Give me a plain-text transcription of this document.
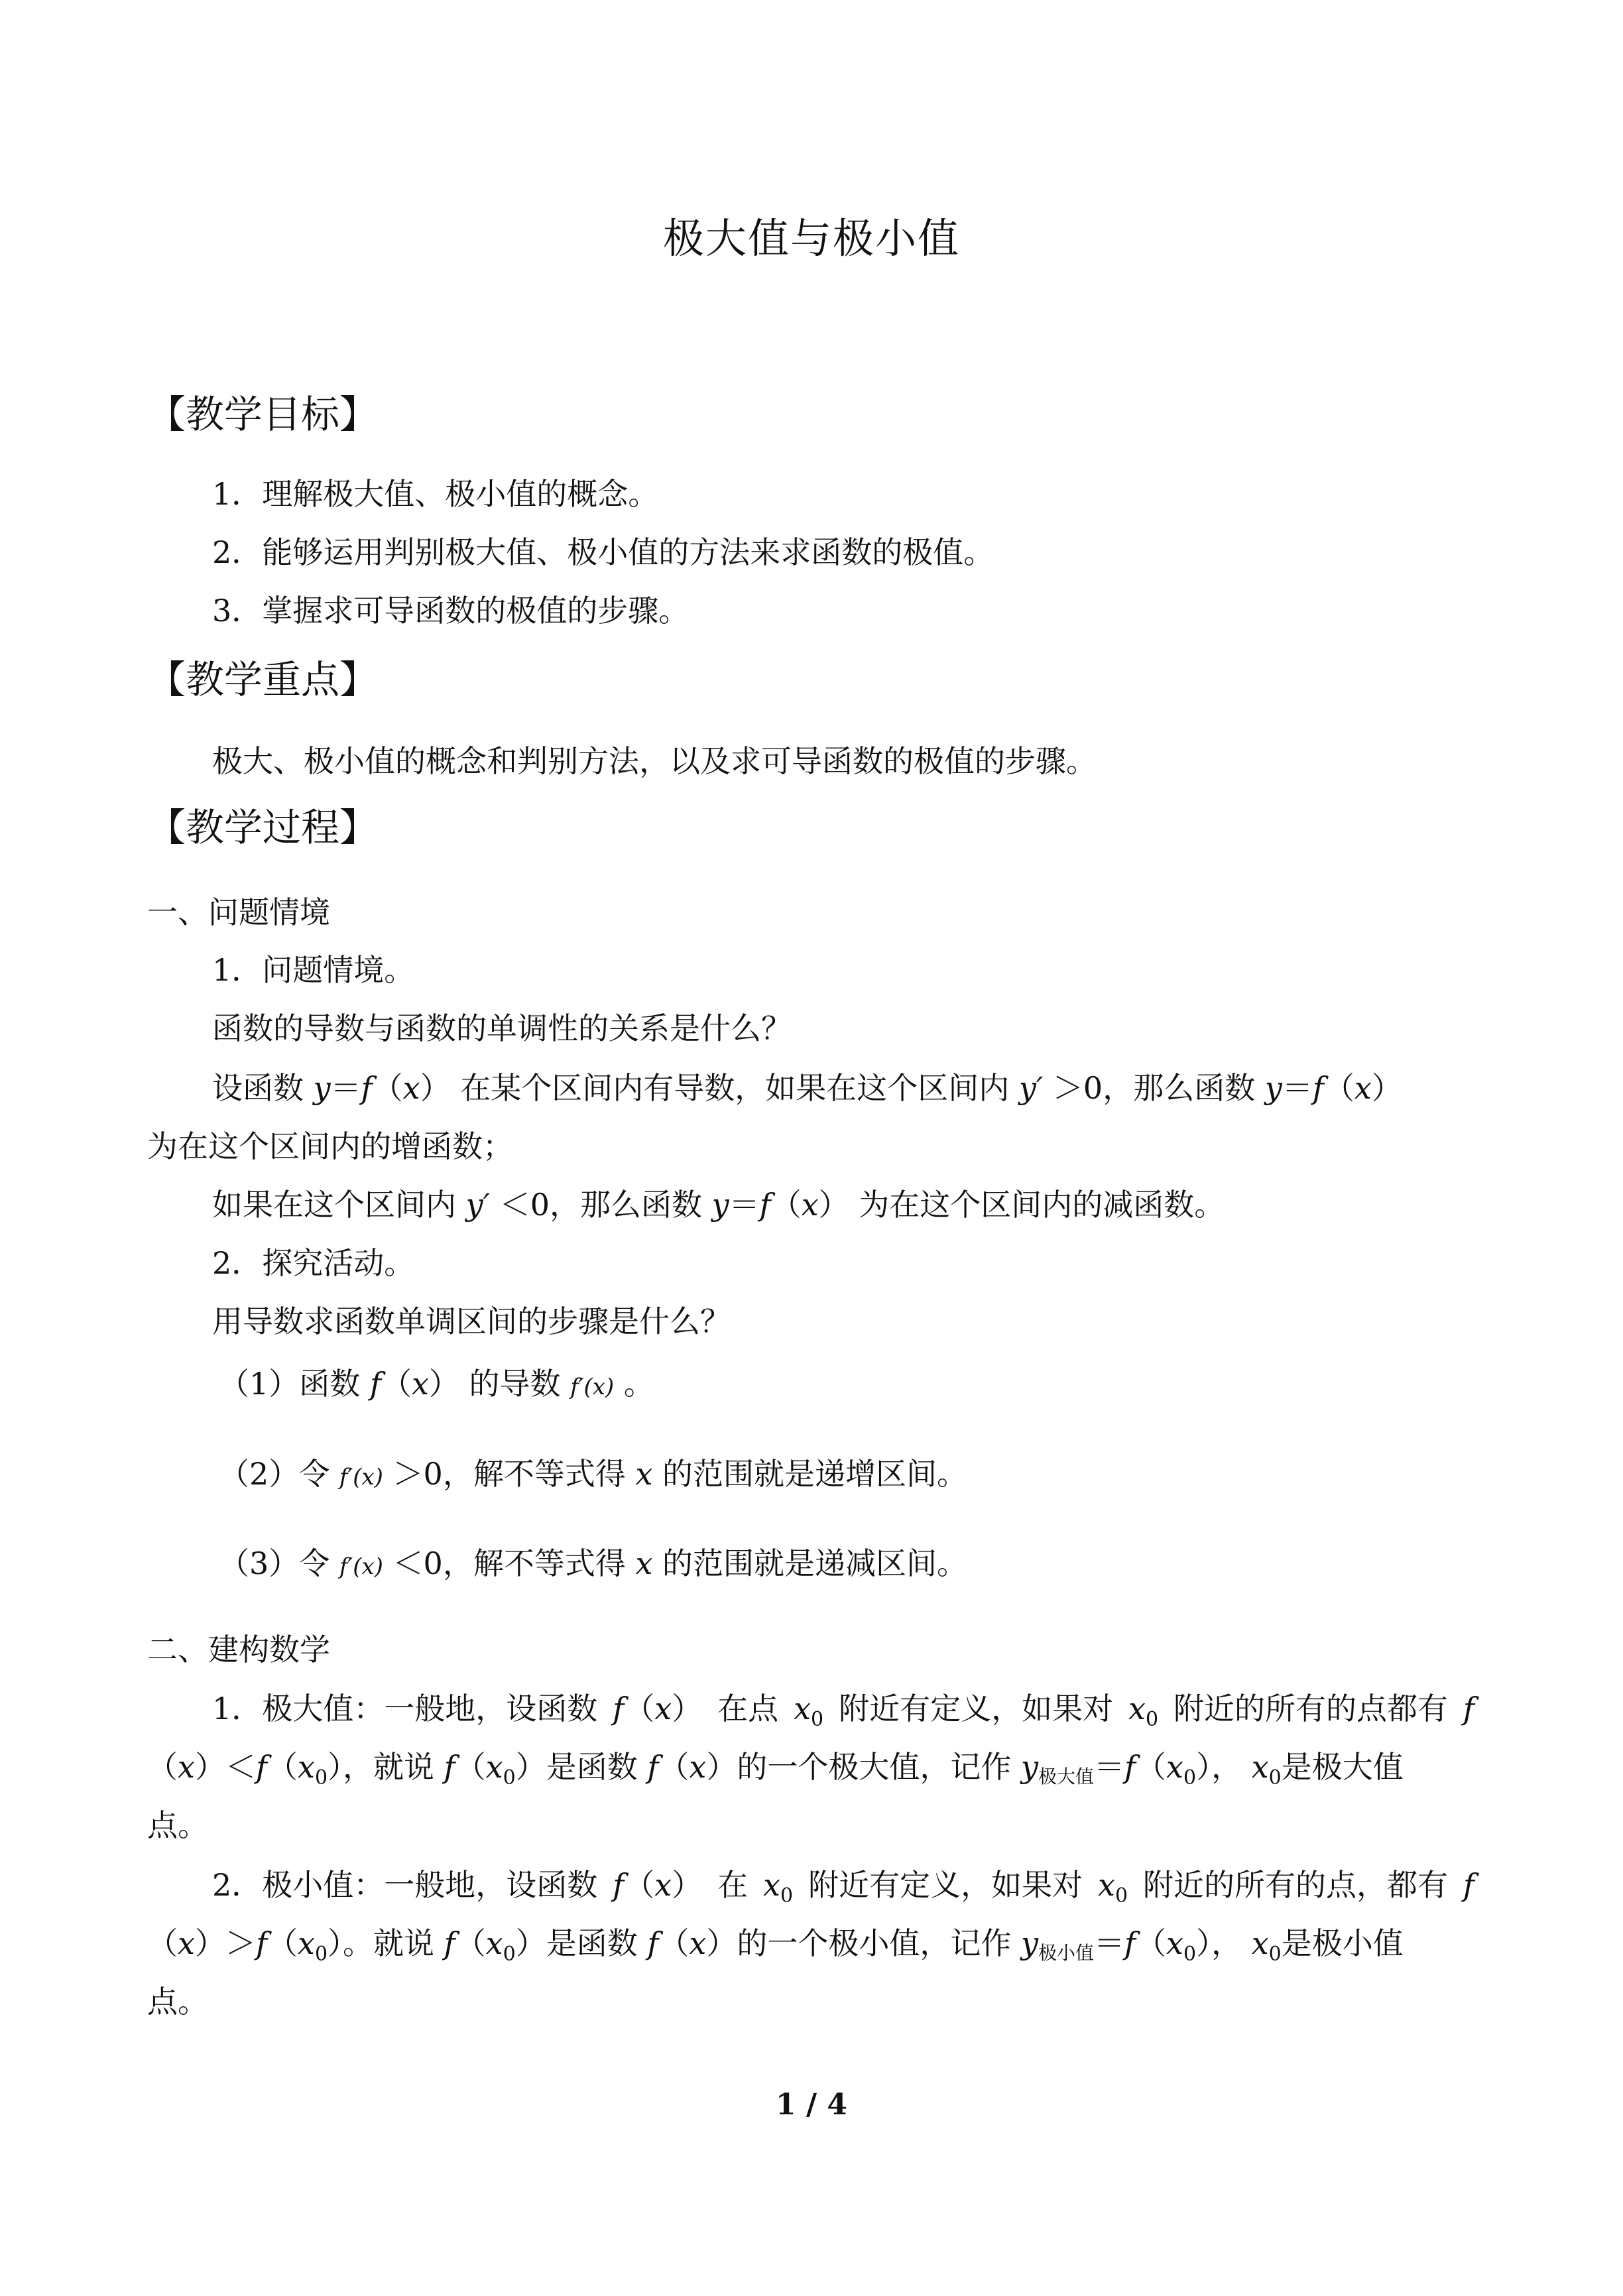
极大值与极小值
【教学目标】
1．理解极大值、极小值的概念。
2．能够运用判别极大值、极小值的方法来求函数的极值。
3．掌握求可导函数的极值的步骤。
【教学重点】
极大、极小值的概念和判别方法，以及求可导函数的极值的步骤。
【教学过程】
一、问题情境
1．问题情境。
函数的导数与函数的单调性的关系是什么？
设函数 y＝f（x） 在某个区间内有导数，如果在这个区间内 y′ ＞0，那么函数 y＝f（x）
为在这个区间内的增函数；
如果在这个区间内 y′ ＜0，那么函数 y＝f（x） 为在这个区间内的减函数。
2．探究活动。
用导数求函数单调区间的步骤是什么？
（1）函数 f（x） 的导数 f′(x) 。
（2）令 f′(x) ＞0，解不等式得 x 的范围就是递增区间。
（3）令 f′(x) ＜0，解不等式得 x 的范围就是递减区间。
二、建构数学
1．极大值：一般地，设函数 f（x） 在点 $x_0$ 附近有定义，如果对 $x_0$ 附近的所有的点都有 f
$(x)<f(x_0)$，就说 $f(x_0)$是函数 f（x）的一个极大值，记作 y极大值$=f(x_0)$， $x_0$是极大值
点。
2．极小值：一般地，设函数 f（x） 在 $x_0$ 附近有定义，如果对 $x_0$ 附近的所有的点，都有 f
$(x)>f(x_0)$。就说 $f(x_0)$是函数 f（x）的一个极小值，记作 y极小值$=f(x_0)$， $x_0$是极小值
点。
1 / 4
